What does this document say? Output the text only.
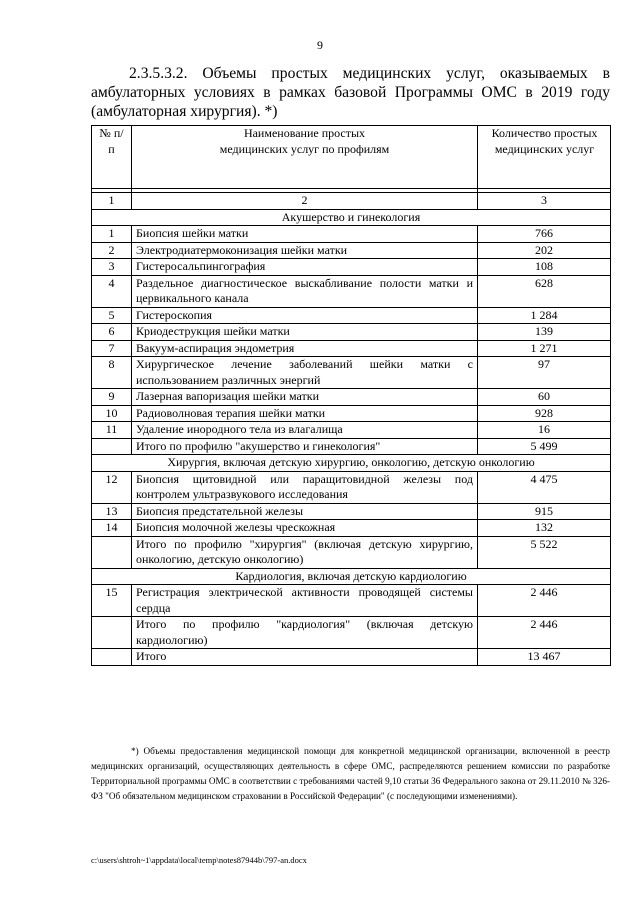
9

2.3.5.3.2. Объемы простых медицинских услуг, оказываемых в амбулаторных условиях в рамках базовой Программы ОМС в 2019 году (амбулаторная хирургия). *)

№ п/п	Наименование простых медицинских услуг по профилям	Количество простых медицинских услуг

1	2	3
Акушерство и гинекология		
1	Биопсия шейки матки	766
2	Электродиатермоконизация шейки матки	202
3	Гистеросальпингография	108
4	Раздельное диагностическое выскабливание полости матки и цервикального канала	628
5	Гистероскопия	1 284
6	Криодеструкция шейки матки	139
7	Вакуум-аспирация эндометрия	1 271
8	Хирургическое лечение заболеваний шейки матки с использованием различных энергий	97
9	Лазерная вапоризация шейки матки	60
10	Радиоволновая терапия шейки матки	928
11	Удаление инородного тела из влагалища	16
	Итого по профилю "акушерство и гинекология"	5 499
Хирургия, включая детскую хирургию, онкологию, детскую онкологию		
12	Биопсия щитовидной или паращитовидной железы под контролем ультразвукового исследования	4 475
13	Биопсия предстательной железы	915
14	Биопсия молочной железы чрескожная	132
	Итого по профилю "хирургия" (включая детскую хирургию, онкологию, детскую онкологию)	5 522
Кардиология, включая детскую кардиологию		
15	Регистрация электрической активности проводящей системы сердца	2 446
	Итого по профилю "кардиология" (включая детскую кардиологию)	2 446
	Итого	13 467

*) Объемы предоставления медицинской помощи для конкретной медицинской организации, включенной в реестр медицинских организаций, осуществляющих деятельность в сфере ОМС, распределяются решением комиссии по разработке Территориальной программы ОМС в соответствии с требованиями частей 9,10 статьи 36 Федерального закона от 29.11.2010 № 326-ФЗ "Об обязательном медицинском страховании в Российской Федерации" (с последующими изменениями).

c:\users\shtroh~1\appdata\local\temp\notes87944b\797-an.docx
